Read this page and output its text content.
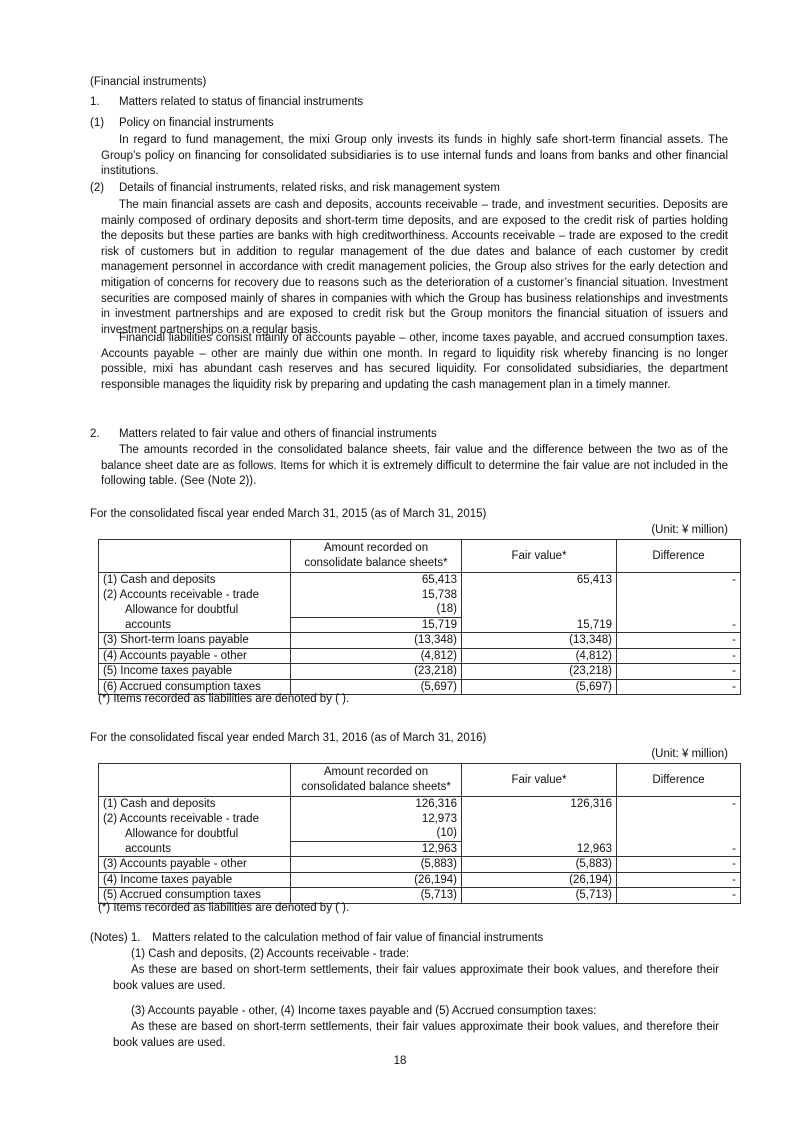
(Financial instruments)
1. Matters related to status of financial instruments
(1) Policy on financial instruments
In regard to fund management, the mixi Group only invests its funds in highly safe short-term financial assets. The Group’s policy on financing for consolidated subsidiaries is to use internal funds and loans from banks and other financial institutions.
(2) Details of financial instruments, related risks, and risk management system
The main financial assets are cash and deposits, accounts receivable – trade, and investment securities. Deposits are mainly composed of ordinary deposits and short-term time deposits, and are exposed to the credit risk of parties holding the deposits but these parties are banks with high creditworthiness. Accounts receivable – trade are exposed to the credit risk of customers but in addition to regular management of the due dates and balance of each customer by credit management personnel in accordance with credit management policies, the Group also strives for the early detection and mitigation of concerns for recovery due to reasons such as the deterioration of a customer’s financial situation. Investment securities are composed mainly of shares in companies with which the Group has business relationships and investments in investment partnerships and are exposed to credit risk but the Group monitors the financial situation of issuers and investment partnerships on a regular basis.
Financial liabilities consist mainly of accounts payable – other, income taxes payable, and accrued consumption taxes. Accounts payable – other are mainly due within one month. In regard to liquidity risk whereby financing is no longer possible, mixi has abundant cash reserves and has secured liquidity. For consolidated subsidiaries, the department responsible manages the liquidity risk by preparing and updating the cash management plan in a timely manner.
2. Matters related to fair value and others of financial instruments
The amounts recorded in the consolidated balance sheets, fair value and the difference between the two as of the balance sheet date are as follows. Items for which it is extremely difficult to determine the fair value are not included in the following table. (See (Note 2)).
For the consolidated fiscal year ended March 31, 2015 (as of March 31, 2015)
(Unit: ¥ million)
	Amount recorded on consolidate balance sheets*	Fair value*	Difference
(1) Cash and deposits	65,413	65,413	-
(2) Accounts receivable - trade	15,738		
Allowance for doubtful	(18)		
accounts	15,719	15,719	-
(3) Short-term loans payable	(13,348)	(13,348)	-
(4) Accounts payable - other	(4,812)	(4,812)	-
(5) Income taxes payable	(23,218)	(23,218)	-
(6) Accrued consumption taxes	(5,697)	(5,697)	-
(*) Items recorded as liabilities are denoted by ( ).
For the consolidated fiscal year ended March 31, 2016 (as of March 31, 2016)
(Unit: ¥ million)
	Amount recorded on consolidated balance sheets*	Fair value*	Difference
(1) Cash and deposits	126,316	126,316	-
(2) Accounts receivable - trade	12,973		
Allowance for doubtful	(10)		
accounts	12,963	12,963	-
(3) Accounts payable - other	(5,883)	(5,883)	-
(4) Income taxes payable	(26,194)	(26,194)	-
(5) Accrued consumption taxes	(5,713)	(5,713)	-
(*) Items recorded as liabilities are denoted by ( ).
(Notes) 1. Matters related to the calculation method of fair value of financial instruments
(1) Cash and deposits, (2) Accounts receivable - trade:
As these are based on short-term settlements, their fair values approximate their book values, and therefore their book values are used.
(3) Accounts payable - other, (4) Income taxes payable and (5) Accrued consumption taxes:
As these are based on short-term settlements, their fair values approximate their book values, and therefore their book values are used.
18
